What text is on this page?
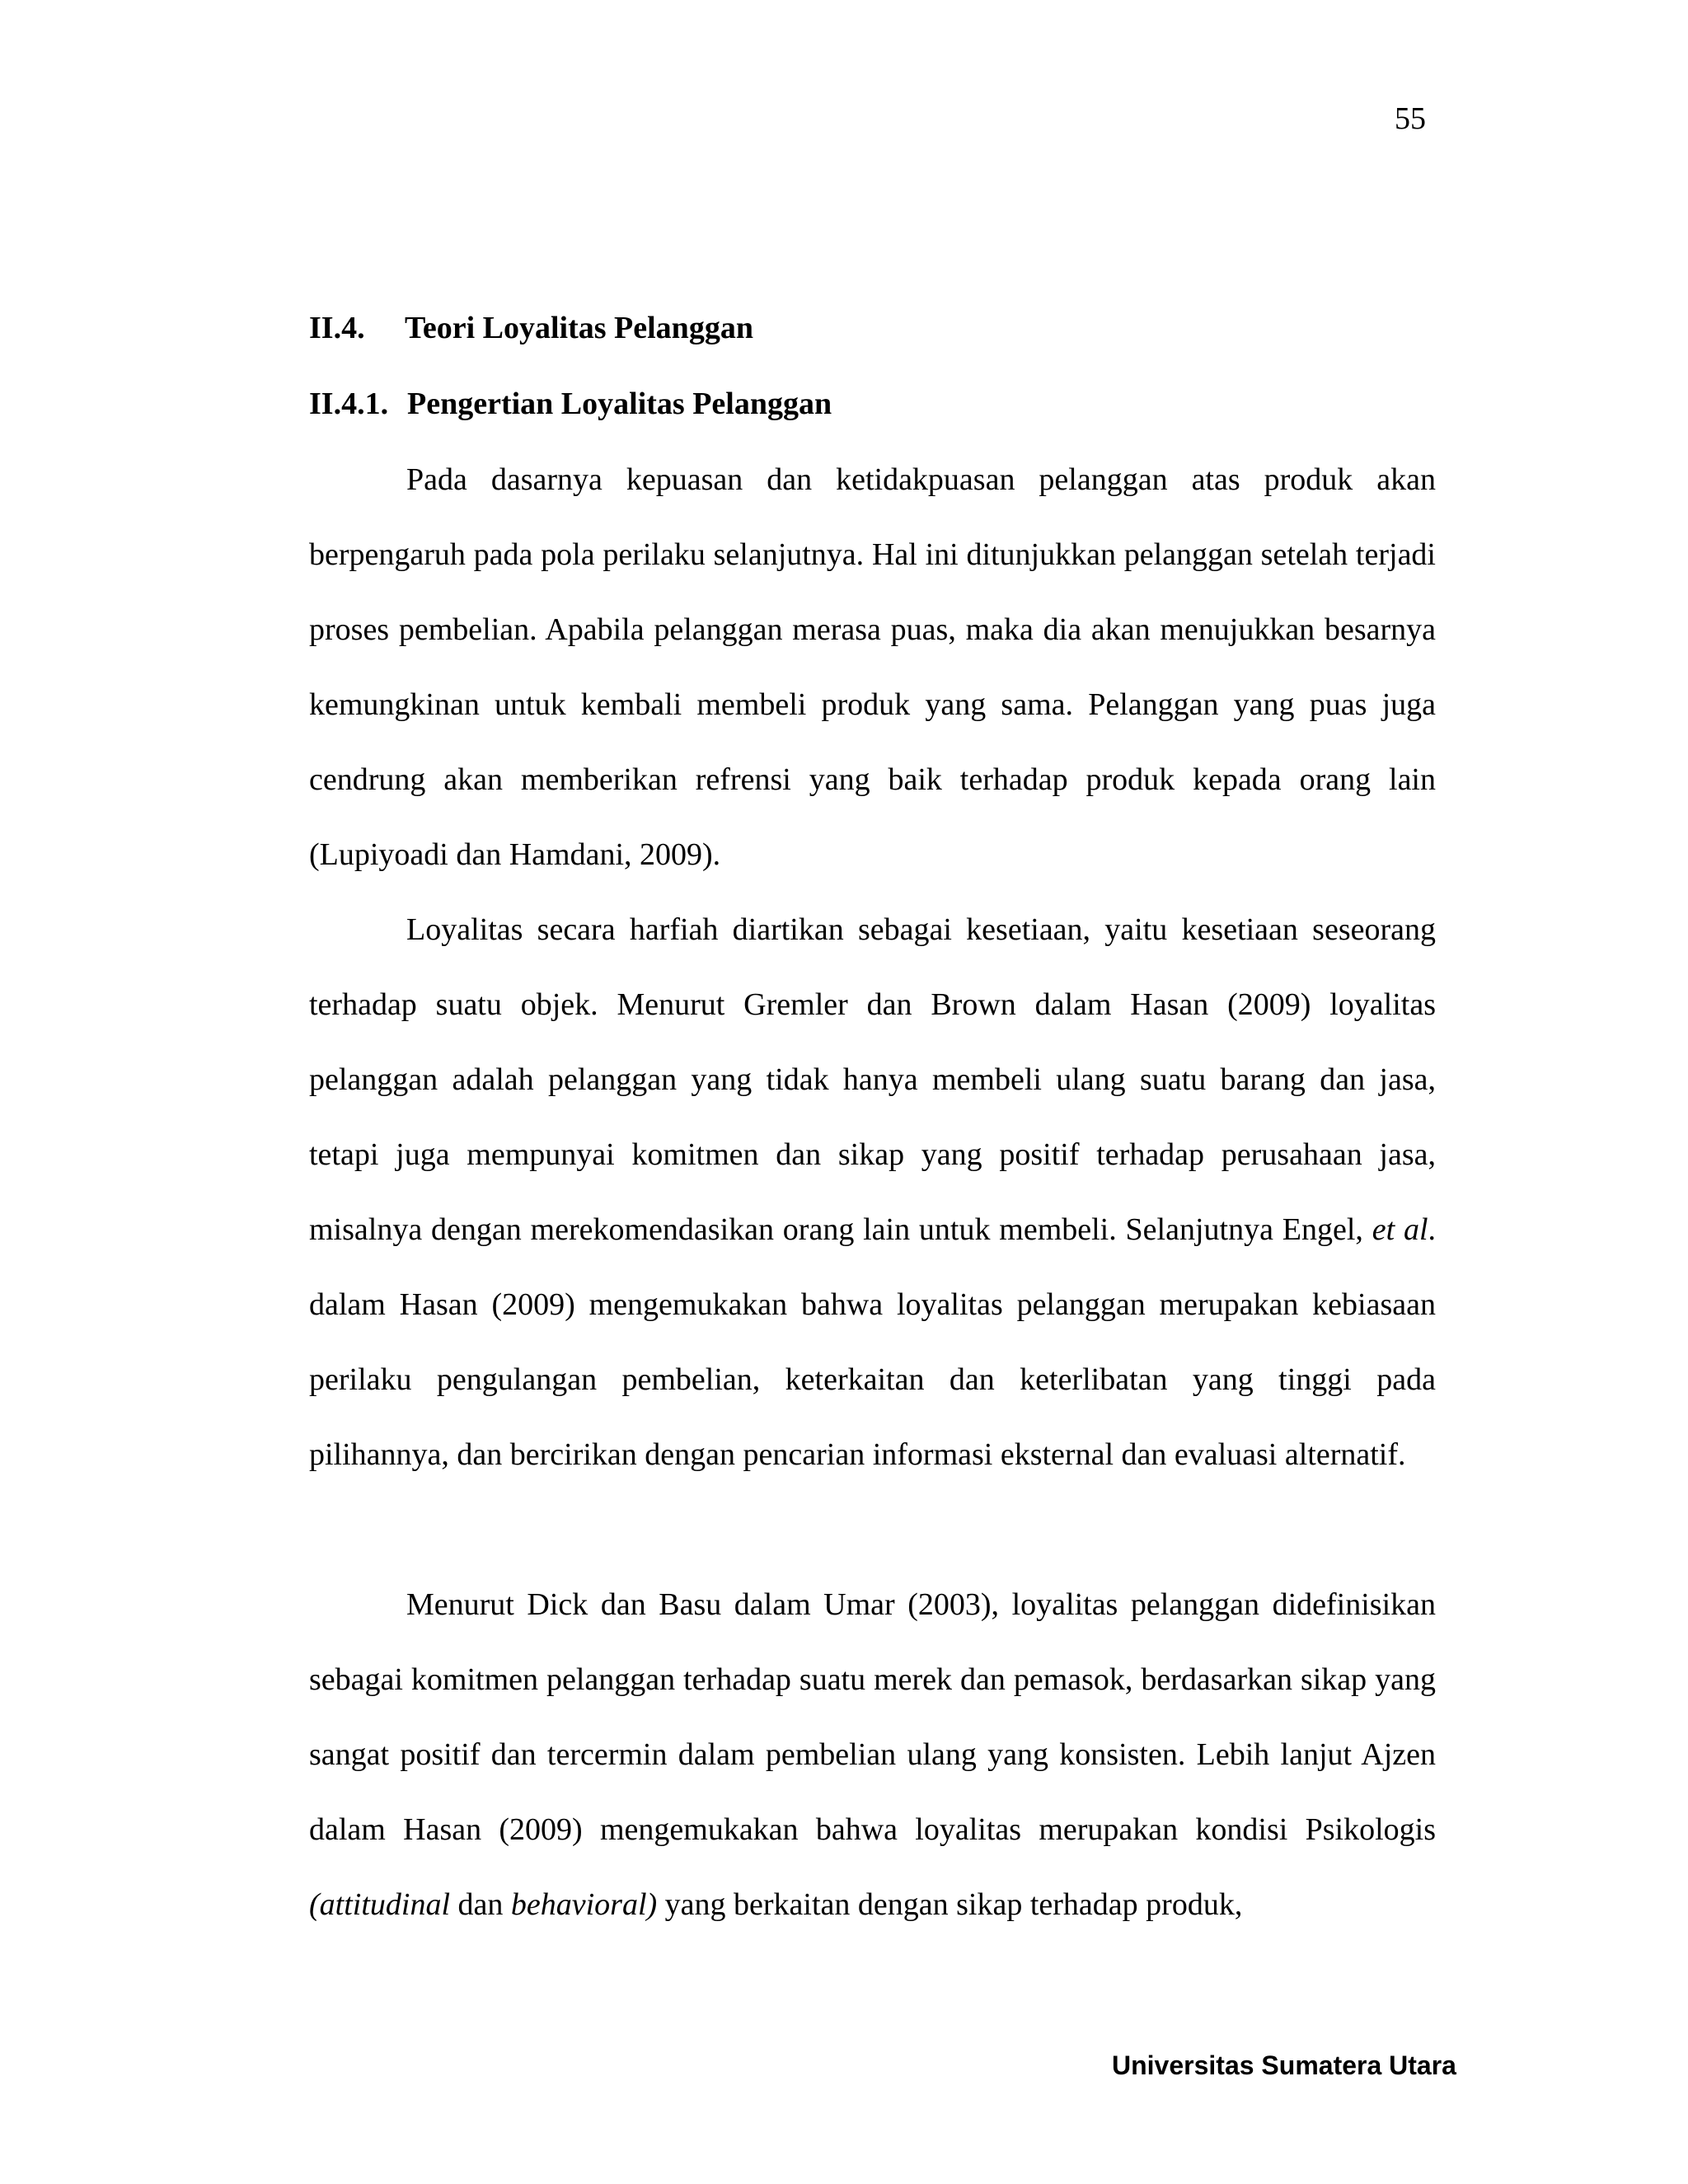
55
II.4. Teori Loyalitas Pelanggan
II.4.1. Pengertian Loyalitas Pelanggan

Pada dasarnya kepuasan dan ketidakpuasan pelanggan atas produk akan berpengaruh pada pola perilaku selanjutnya. Hal ini ditunjukkan pelanggan setelah terjadi proses pembelian. Apabila pelanggan merasa puas, maka dia akan menujukkan besarnya kemungkinan untuk kembali membeli produk yang sama. Pelanggan yang puas juga cendrung akan memberikan refrensi yang baik terhadap produk kepada orang lain (Lupiyoadi dan Hamdani, 2009).

Loyalitas secara harfiah diartikan sebagai kesetiaan, yaitu kesetiaan seseorang terhadap suatu objek. Menurut Gremler dan Brown dalam Hasan (2009) loyalitas pelanggan adalah pelanggan yang tidak hanya membeli ulang suatu barang dan jasa, tetapi juga mempunyai komitmen dan sikap yang positif terhadap perusahaan jasa, misalnya dengan merekomendasikan orang lain untuk membeli. Selanjutnya Engel, et al. dalam Hasan (2009) mengemukakan bahwa loyalitas pelanggan merupakan kebiasaan perilaku pengulangan pembelian, keterkaitan dan keterlibatan yang tinggi pada pilihannya, dan bercirikan dengan pencarian informasi eksternal dan evaluasi alternatif.

Menurut Dick dan Basu dalam Umar (2003), loyalitas pelanggan didefinisikan sebagai komitmen pelanggan terhadap suatu merek dan pemasok, berdasarkan sikap yang sangat positif dan tercermin dalam pembelian ulang yang konsisten. Lebih lanjut Ajzen dalam Hasan (2009) mengemukakan bahwa loyalitas merupakan kondisi Psikologis (attitudinal dan behavioral) yang berkaitan dengan sikap terhadap produk,

Universitas Sumatera Utara
